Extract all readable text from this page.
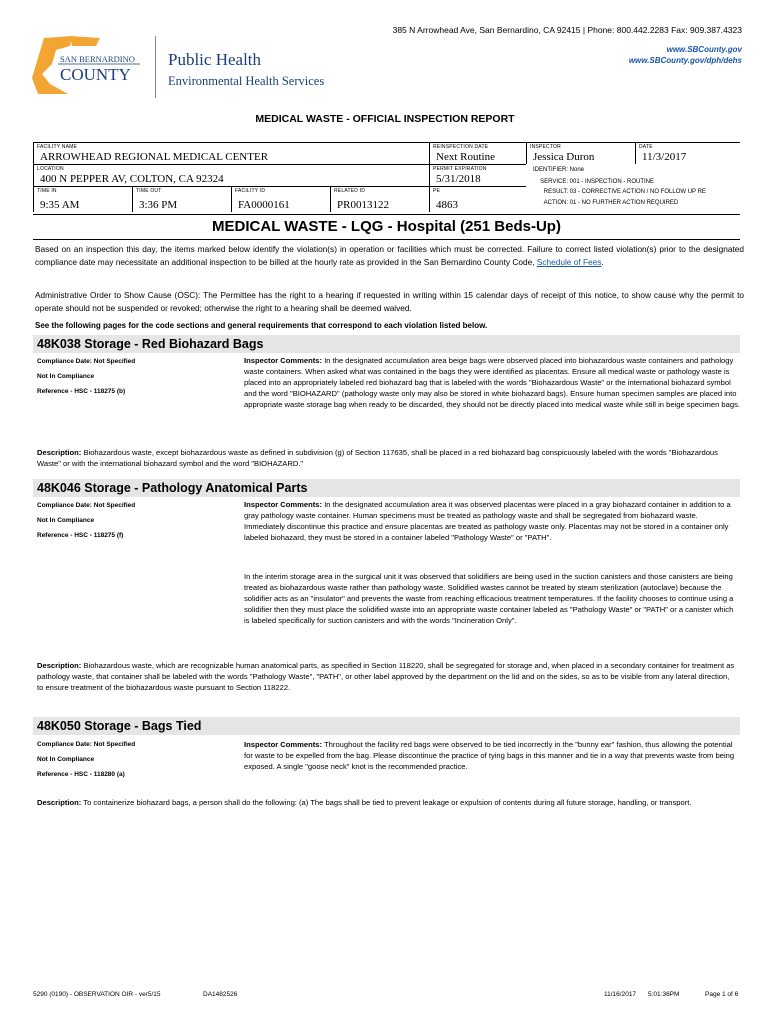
385 N Arrowhead Ave, San Bernardino, CA 92415 | Phone: 800.442.2283 Fax: 909.387.4323
www.SBCounty.gov
www.SBCounty.gov/dph/dehs
SAN BERNARDINO
COUNTY
Public Health
Environmental Health Services
MEDICAL WASTE - OFFICIAL INSPECTION REPORT
FACILITY NAME
ARROWHEAD REGIONAL MEDICAL CENTER
REINSPECTION DATE
Next Routine
INSPECTOR
Jessica Duron
DATE
11/3/2017
LOCATION
400 N PEPPER AV, COLTON, CA 92324
PERMIT EXPIRATION
5/31/2018
TIME IN
9:35 AM
TIME OUT
3:36 PM
FACILITY ID
FA0000161
RELATED ID
PR0013122
PE
4863
IDENTIFIER: None
SERVICE: 001 - INSPECTION - ROUTINE
RESULT: 03 - CORRECTIVE ACTION / NO FOLLOW UP RE
ACTION: 01 - NO FURTHER ACTION REQUIRED
MEDICAL WASTE - LQG - Hospital (251 Beds-Up)
Based on an inspection this day, the items marked below identify the violation(s) in operation or facilities which must be corrected. Failure to correct listed violation(s) prior to the designated compliance date may necessitate an additional inspection to be billed at the hourly rate as provided in the San Bernardino County Code, Schedule of Fees.
Administrative Order to Show Cause (OSC): The Permittee has the right to a hearing if requested in writing within 15 calendar days of receipt of this notice, to show cause why the permit to operate should not be suspended or revoked; otherwise the right to a hearing shall be deemed waived.
See the following pages for the code sections and general requirements that correspond to each violation listed below.
48K038 Storage - Red Biohazard Bags
Compliance Date: Not Specified
Not In Compliance
Reference - HSC - 118275 (b)
Inspector Comments: In the designated accumulation area beige bags were observed placed into biohazardous waste containers and pathology waste containers. When asked what was contained in the bags they were identified as placentas. Ensure all medical waste or pathology waste is placed into an appropriately labeled red biohazard bag that is labeled with the words "Biohazardous Waste" or the international biohazard symbol and the word "BIOHAZARD" (pathology waste only may also be stored in white biohazard bags). Ensure human specimen samples are placed into appropriate waste storage bag when ready to be discarded, they should not be directly placed into medical waste while still in beige specimen bags.
Description: Biohazardous waste, except biohazardous waste as defined in subdivision (g) of Section 117635, shall be placed in a red biohazard bag conspicuously labeled with the words "Biohazardous Waste" or with the international biohazard symbol and the word "BIOHAZARD."
48K046 Storage - Pathology Anatomical Parts
Compliance Date: Not Specified
Not In Compliance
Reference - HSC - 118275 (f)
Inspector Comments: In the designated accumulation area it was observed placentas were placed in a gray biohazard container in addition to a gray pathology waste container. Human specimens must be treated as pathology waste and shall be segregated from biohazard waste. Immediately discontinue this practice and ensure placentas are treated as pathology waste only. Placentas may not be stored in a container only labeled biohazard, they must be stored in a container labeled "Pathology Waste" or "PATH".
In the interim storage area in the surgical unit it was observed that solidifiers are being used in the suction canisters and those canisters are being treated as biohazardous waste rather than pathology waste. Solidified wastes cannot be treated by steam sterilization (autoclave) because the solidifier acts as an "insulator" and prevents the waste from reaching efficacious treatment temperatures. If the facility chooses to continue using a solidifier then they must place the solidified waste into an appropriate waste container labeled as "Pathology Waste" or "PATH" or a canister which is labeled specifically for suction canisters and with the words "Incineration Only".
Description: Biohazardous waste, which are recognizable human anatomical parts, as specified in Section 118220, shall be segregated for storage and, when placed in a secondary container for treatment as pathology waste, that container shall be labeled with the words "Pathology Waste", "PATH", or other label approved by the department on the lid and on the sides, so as to be visible from any lateral direction, to ensure treatment of the biohazardous waste pursuant to Section 118222.
48K050 Storage - Bags Tied
Compliance Date: Not Specified
Not In Compliance
Reference - HSC - 118280 (a)
Inspector Comments: Throughout the facility red bags were observed to be tied incorrectly in the "bunny ear" fashion, thus allowing the potential for waste to be expelled from the bag. Please discontinue the practice of tying bags in this manner and tie in a way that prevents waste from being exposed. A single "goose neck" knot is the recommended practice.
Description: To containerize biohazard bags, a person shall do the following: (a) The bags shall be tied to prevent leakage or expulsion of contents during all future storage, handling, or transport.
5290 (0190) - OBSERVATION OIR - ver5/15	DA1482526	11/16/2017 5:01:36PM	Page 1 of 6
